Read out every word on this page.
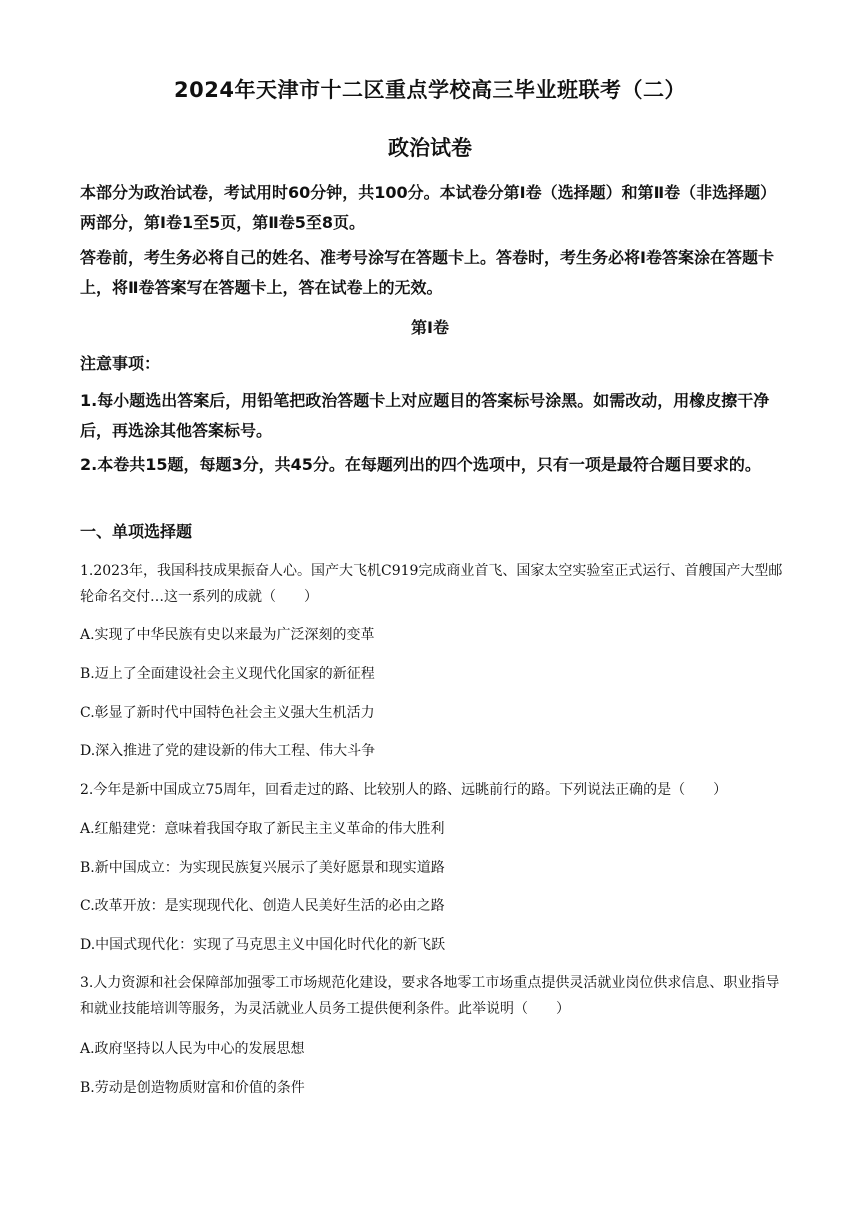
2024年天津市十二区重点学校高三毕业班联考（二）
政治试卷
本部分为政治试卷，考试用时60分钟，共100分。本试卷分第Ⅰ卷（选择题）和第Ⅱ卷（非选择题）两部分，第Ⅰ卷1至5页，第Ⅱ卷5至8页。
答卷前，考生务必将自己的姓名、准考号涂写在答题卡上。答卷时，考生务必将Ⅰ卷答案涂在答题卡上，将Ⅱ卷答案写在答题卡上，答在试卷上的无效。
第Ⅰ卷
注意事项：
1.每小题选出答案后，用铅笔把政治答题卡上对应题目的答案标号涂黑。如需改动，用橡皮擦干净后，再选涂其他答案标号。
2.本卷共15题，每题3分，共45分。在每题列出的四个选项中，只有一项是最符合题目要求的。
一、单项选择题
1.2023年，我国科技成果振奋人心。国产大飞机C919完成商业首飞、国家太空实验室正式运行、首艘国产大型邮轮命名交付…这一系列的成就（　　）
A.实现了中华民族有史以来最为广泛深刻的变革
B.迈上了全面建设社会主义现代化国家的新征程
C.彰显了新时代中国特色社会主义强大生机活力
D.深入推进了党的建设新的伟大工程、伟大斗争
2.今年是新中国成立75周年，回看走过的路、比较别人的路、远眺前行的路。下列说法正确的是（　　）
A.红船建党：意味着我国夺取了新民主主义革命的伟大胜利
B.新中国成立：为实现民族复兴展示了美好愿景和现实道路
C.改革开放：是实现现代化、创造人民美好生活的必由之路
D.中国式现代化：实现了马克思主义中国化时代化的新飞跃
3.人力资源和社会保障部加强零工市场规范化建设，要求各地零工市场重点提供灵活就业岗位供求信息、职业指导和就业技能培训等服务，为灵活就业人员务工提供便利条件。此举说明（　　）
A.政府坚持以人民为中心的发展思想
B.劳动是创造物质财富和价值的条件
